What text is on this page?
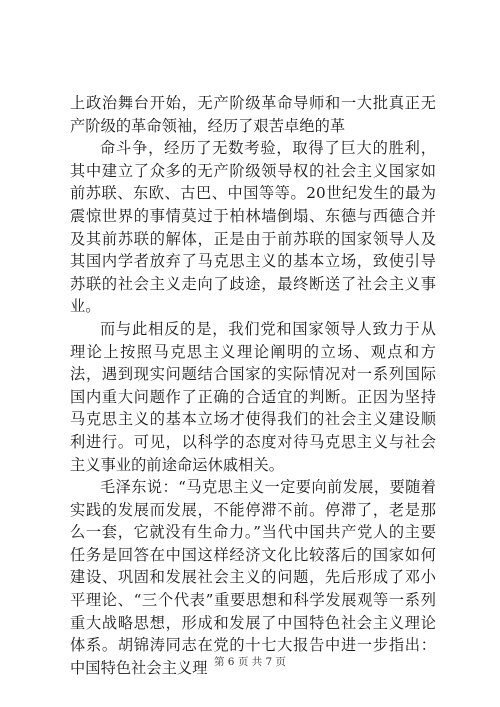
上政治舞台开始，无产阶级革命导师和一大批真正无产阶级的革命领袖，经历了艰苦卓绝的革

命斗争，经历了无数考验，取得了巨大的胜利，其中建立了众多的无产阶级领导权的社会主义国家如前苏联、东欧、古巴、中国等等。20世纪发生的最为震惊世界的事情莫过于柏林墙倒塌、东德与西德合并及其前苏联的解体，正是由于前苏联的国家领导人及其国内学者放弃了马克思主义的基本立场，致使引导苏联的社会主义走向了歧途，最终断送了社会主义事业。

而与此相反的是，我们党和国家领导人致力于从理论上按照马克思主义理论阐明的立场、观点和方法，遇到现实问题结合国家的实际情况对一系列国际国内重大问题作了正确的合适宜的判断。正因为坚持马克思主义的基本立场才使得我们的社会主义建设顺利进行。可见，以科学的态度对待马克思主义与社会主义事业的前途命运休戚相关。

毛泽东说：“马克思主义一定要向前发展，要随着实践的发展而发展，不能停滞不前。停滞了，老是那么一套，它就没有生命力。”当代中国共产党人的主要任务是回答在中国这样经济文化比较落后的国家如何建设、巩固和发展社会主义的问题，先后形成了邓小平理论、“三个代表”重要思想和科学发展观等一系列重大战略思想，形成和发展了中国特色社会主义理论体系。胡锦涛同志在党的十七大报告中进一步指出：中国特色社会主义理 第 6 页 共 7 页
